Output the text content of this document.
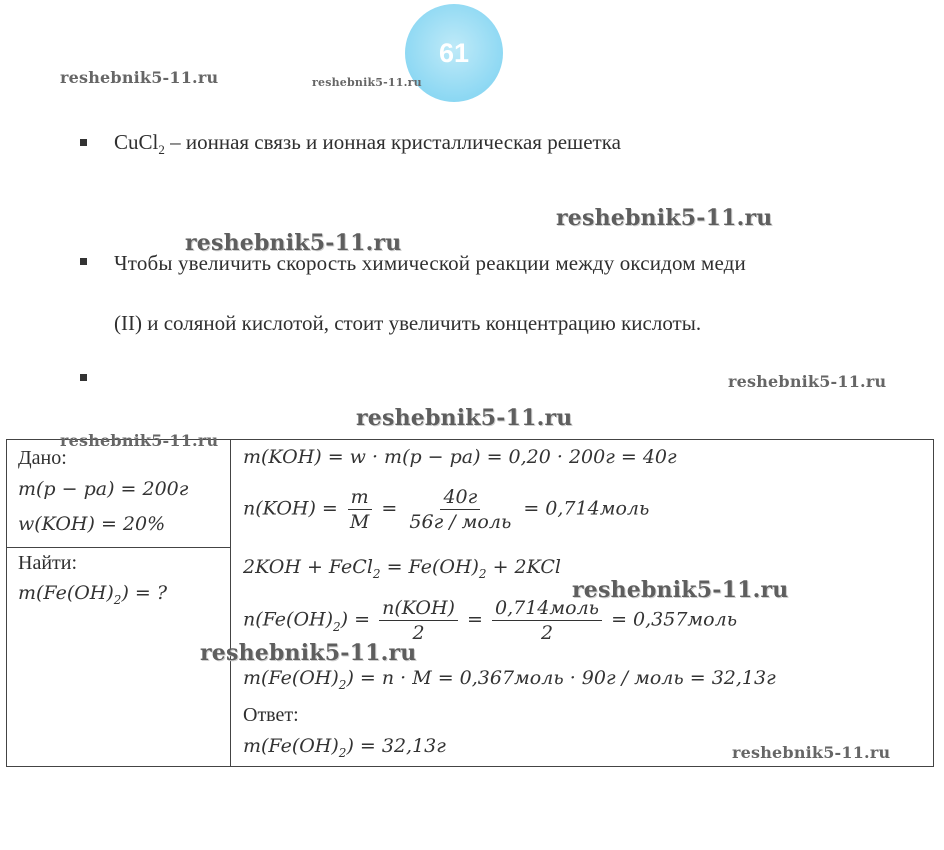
61
reshebnik5-11.ru	reshebnik5-11.ru
reshebnik5-11.ru
reshebnik5-11.ru
reshebnik5-11.ru
reshebnik5-11.ru
CuCl$_2$ – ионная связь и ионная кристаллическая решетка
Чтобы увеличить скорость химической реакции между оксидом меди
(II) и соляной кислотой, стоит увеличить концентрацию кислоты.
Дано:
m(p − pa) = 200г
w(KOH) = 20%
Найти:
$m(Fe(OH)_2)$ = ?
m(KOH) = w · m(p − pa) = 0,20 · 200г = 40г
$n(KOH) = \frac{m}{M} = \frac{40г}{\text{56г / моль}}$ = 0,714моль
2KOH + FeCl$_2$ = $Fe(OH)_2 + 2KCl$
$n(Fe(OH)_2) = \frac{\text{n(KOH)}}{2} = \frac{\text{0,714моль}}{2}$ = 0,357моль
$m(Fe(OH)_2) = n \cdot M$ = 0,367моль · 90г / моль = 32,13г
Ответ:
$m(Fe(OH)_2) = 32,13г$
reshebnik5-11.ru
reshebnik5-11.ru
reshebnik5-11.ru
reshebnik5-11.ru
